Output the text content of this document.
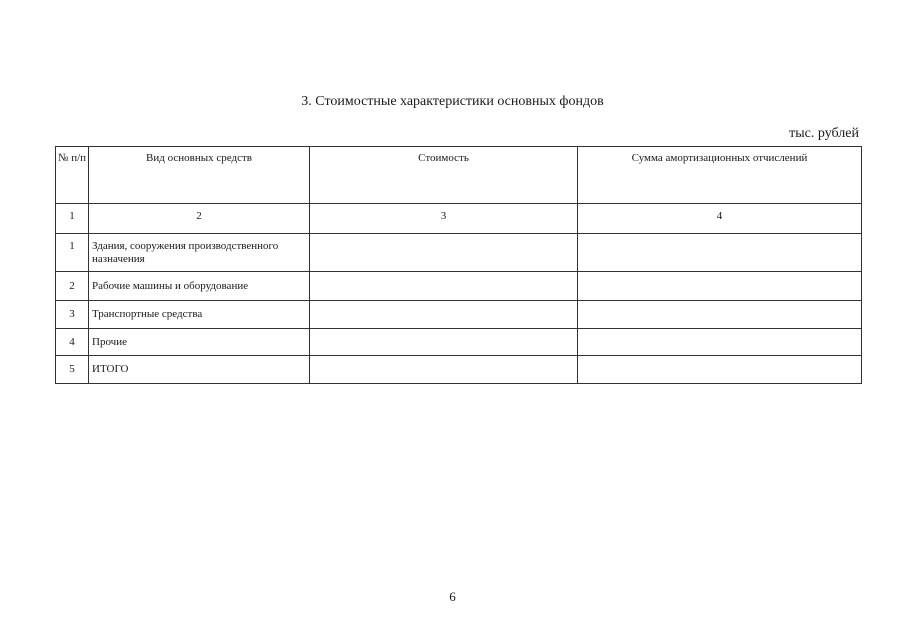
3. Стоимостные характеристики основных фондов
тыс. рублей
№ п/п	Вид основных средств	Стоимость	Сумма амортизационных отчислений
1	2	3	4
1	Здания, сооружения производственного назначения		
2	Рабочие машины и оборудование		
3	Транспортные средства		
4	Прочие		
5	ИТОГО		
6
